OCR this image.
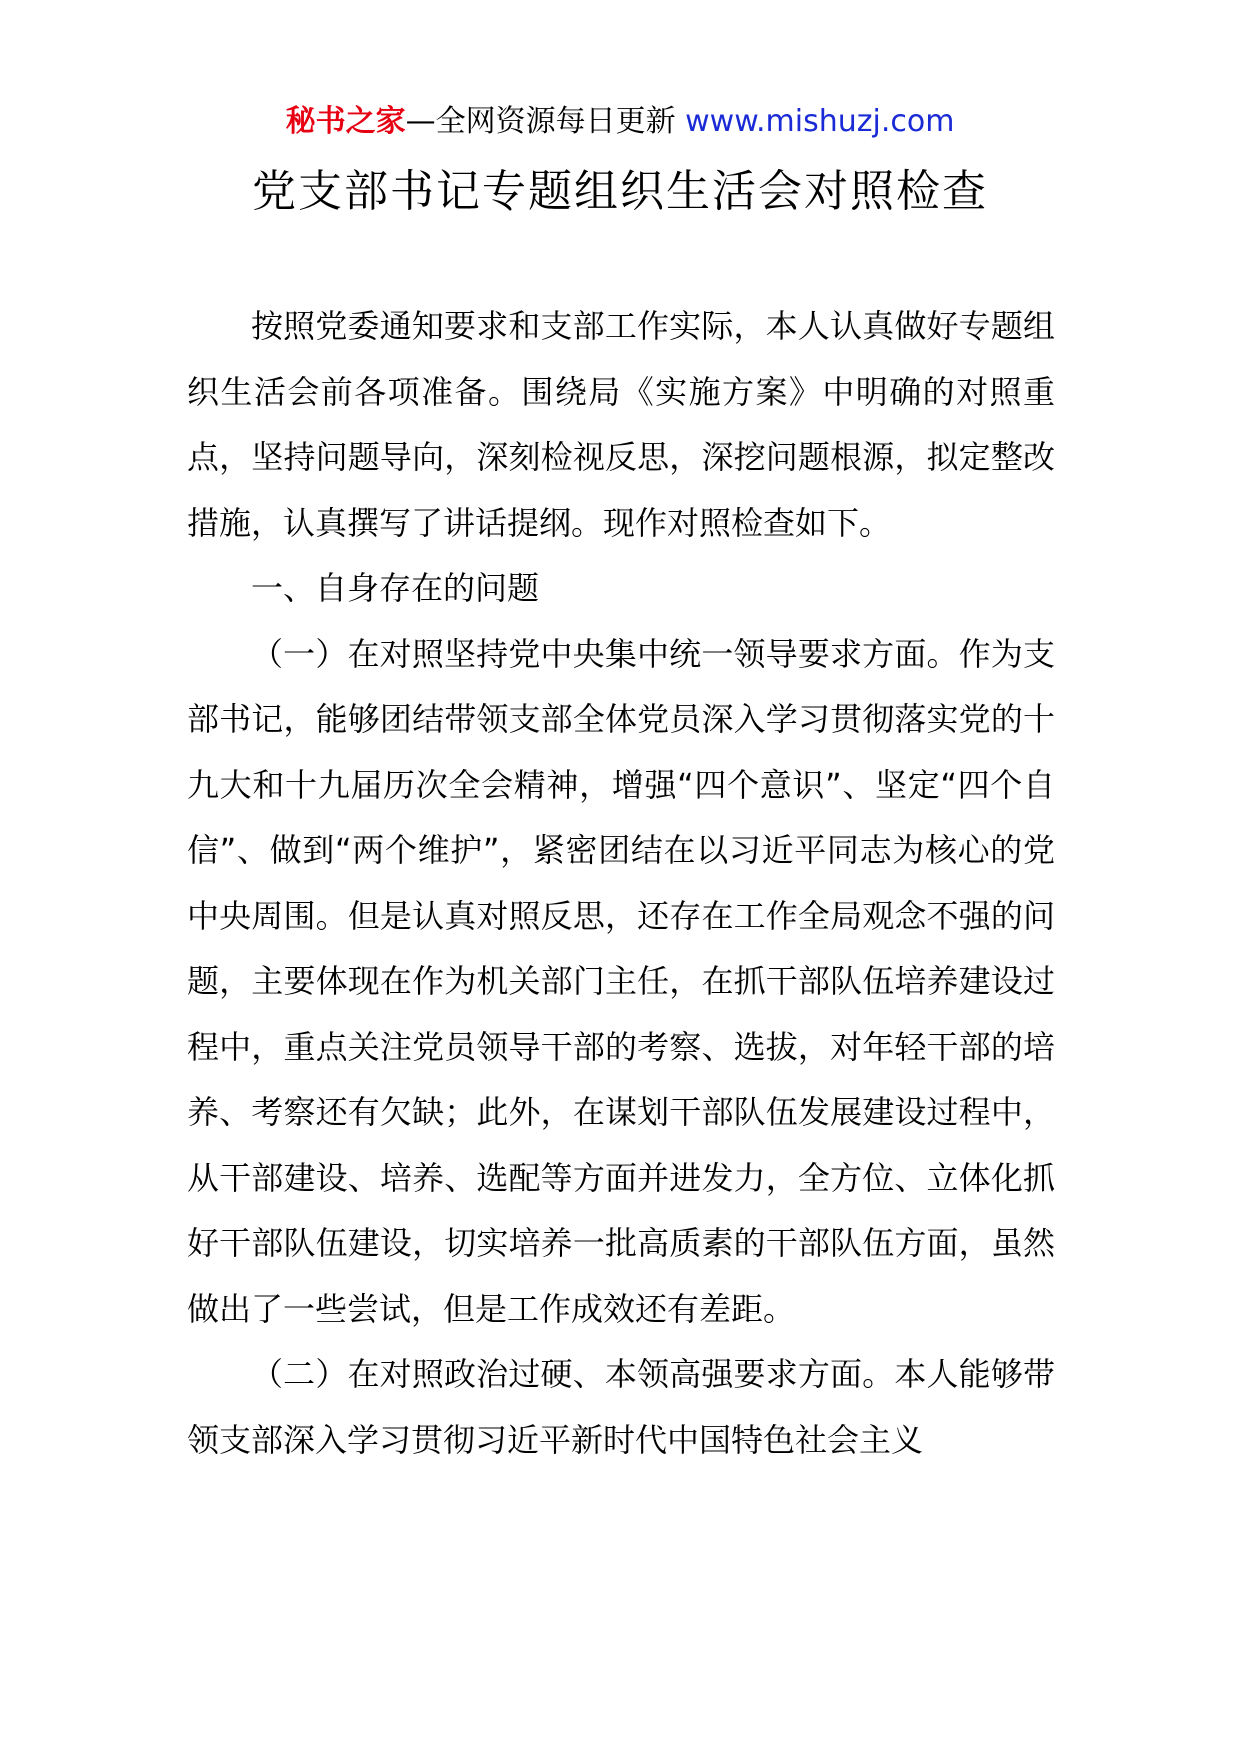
秘书之家—全网资源每日更新 www.mishuzj.com
党支部书记专题组织生活会对照检查

按照党委通知要求和支部工作实际，本人认真做好专题组织生活会前各项准备。围绕局《实施方案》中明确的对照重点，坚持问题导向，深刻检视反思，深挖问题根源，拟定整改措施，认真撰写了讲话提纲。现作对照检查如下。

一、自身存在的问题

（一）在对照坚持党中央集中统一领导要求方面。作为支部书记，能够团结带领支部全体党员深入学习贯彻落实党的十九大和十九届历次全会精神，增强“四个意识”、坚定“四个自信”、做到“两个维护”，紧密团结在以习近平同志为核心的党中央周围。但是认真对照反思，还存在工作全局观念不强的问题，主要体现在作为机关部门主任，在抓干部队伍培养建设过程中，重点关注党员领导干部的考察、选拔，对年轻干部的培养、考察还有欠缺；此外，在谋划干部队伍发展建设过程中，从干部建设、培养、选配等方面并进发力，全方位、立体化抓好干部队伍建设，切实培养一批高质素的干部队伍方面，虽然做出了一些尝试，但是工作成效还有差距。

（二）在对照政治过硬、本领高强要求方面。本人能够带领支部深入学习贯彻习近平新时代中国特色社会主义
